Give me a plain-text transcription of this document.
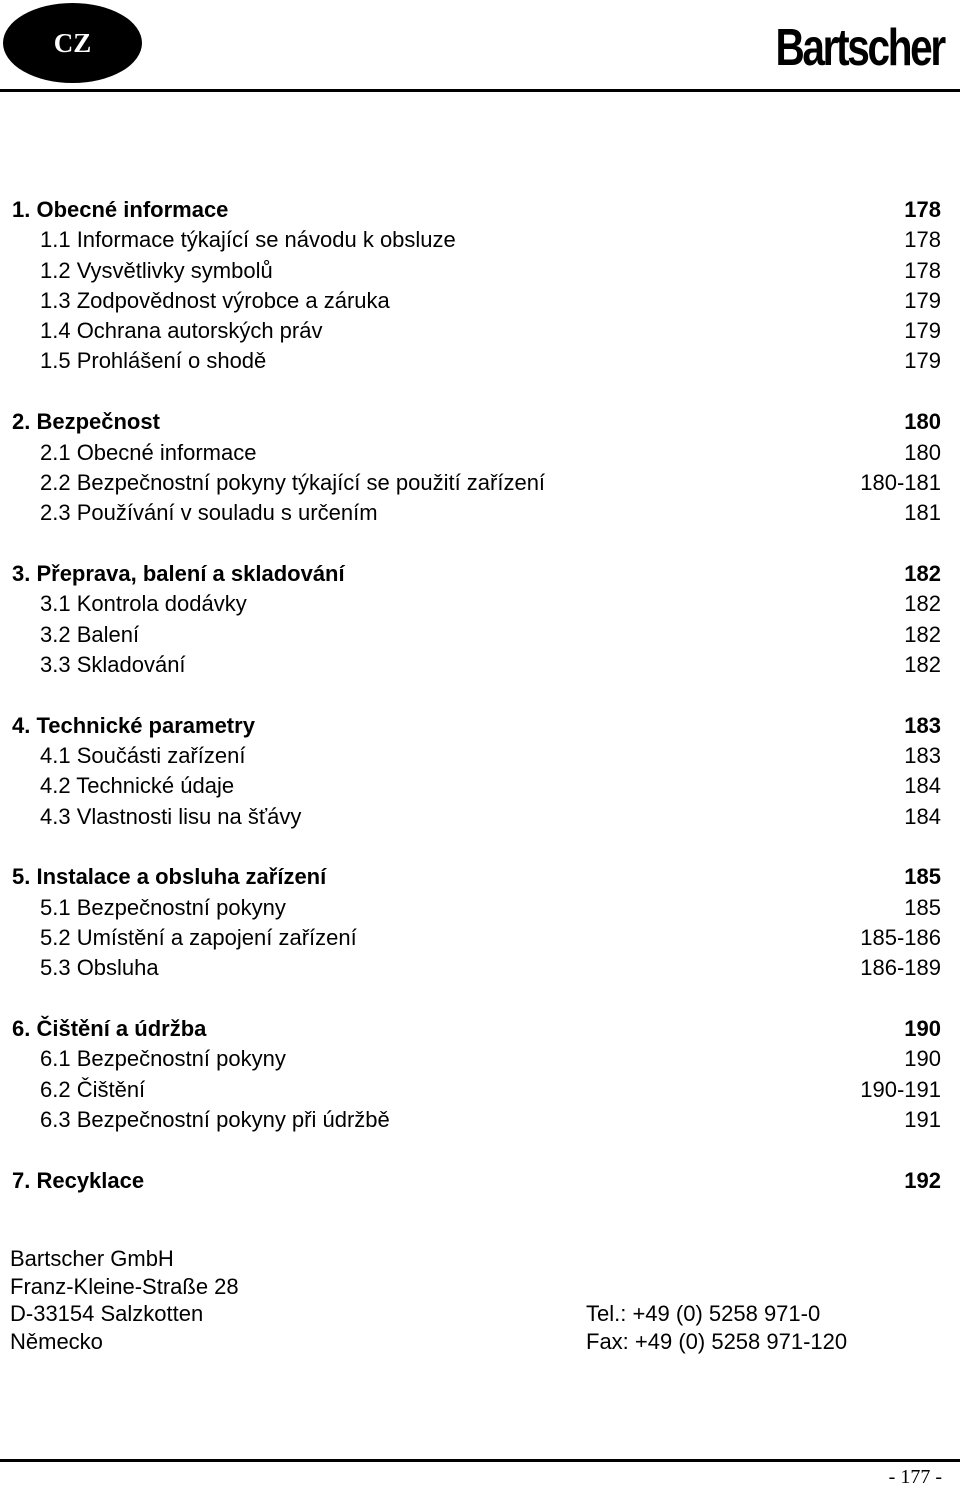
CZ	Bartscher
1. Obecné informace	178
1.1 Informace týkající se návodu k obsluze	178
1.2 Vysvětlivky symbolů	178
1.3 Zodpovědnost výrobce a záruka	179
1.4 Ochrana autorských práv	179
1.5 Prohlášení o shodě	179
2. Bezpečnost	180
2.1 Obecné informace	180
2.2 Bezpečnostní pokyny týkající se použití zařízení	180-181
2.3 Používání v souladu s určením	181
3. Přeprava, balení a skladování	182
3.1 Kontrola dodávky	182
3.2 Balení	182
3.3 Skladování	182
4. Technické parametry	183
4.1 Součásti zařízení	183
4.2 Technické údaje	184
4.3 Vlastnosti lisu na šťávy	184
5. Instalace a obsluha zařízení	185
5.1 Bezpečnostní pokyny	185
5.2 Umístění a zapojení zařízení	185-186
5.3 Obsluha	186-189
6. Čištění a údržba	190
6.1 Bezpečnostní pokyny	190
6.2 Čištění	190-191
6.3 Bezpečnostní pokyny při údržbě	191
7. Recyklace	192
Bartscher GmbH
Franz-Kleine-Straße 28
D-33154 Salzkotten	Tel.: +49 (0) 5258 971-0
Německo	Fax: +49 (0) 5258 971-120
- 177 -
